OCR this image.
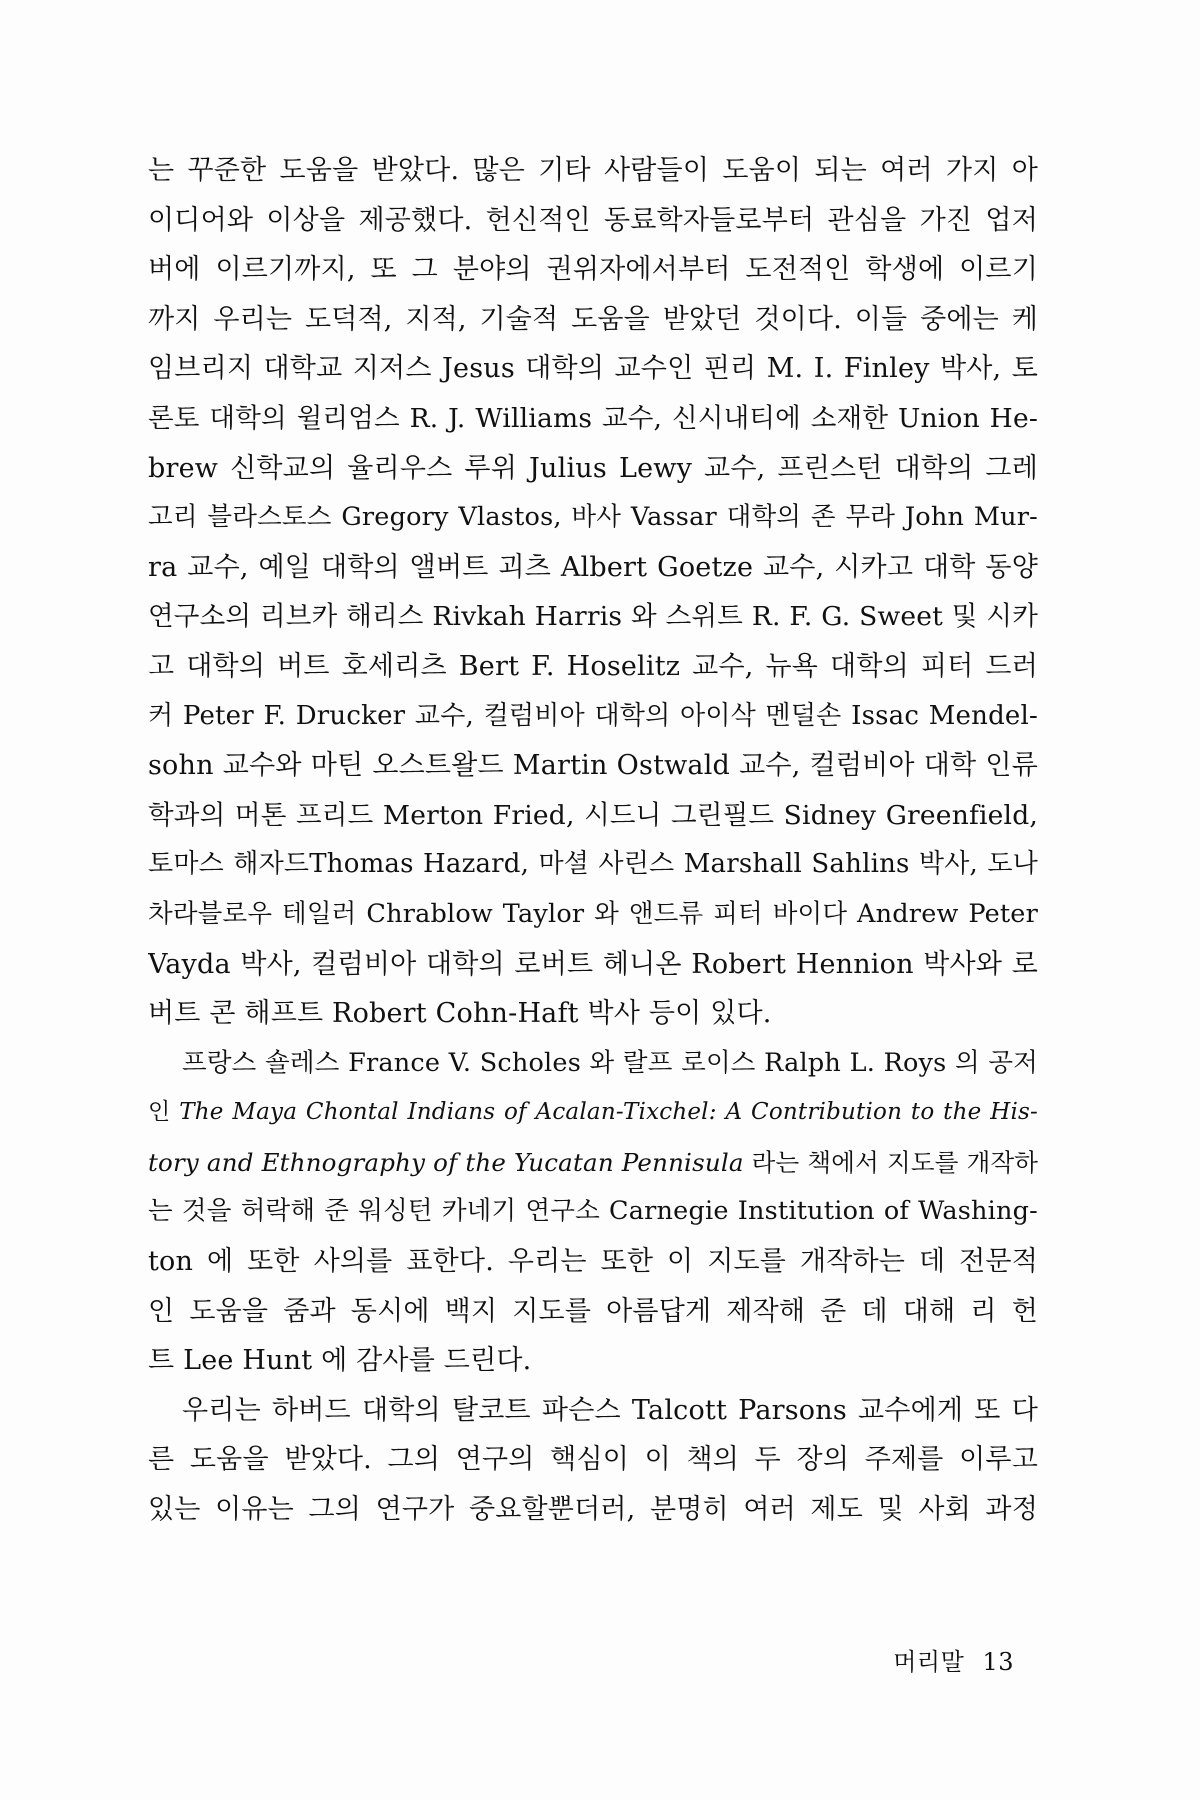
는 꾸준한 도움을 받았다. 많은 기타 사람들이 도움이 되는 여러 가지 아
이디어와 이상을 제공했다. 헌신적인 동료학자들로부터 관심을 가진 업저
버에 이르기까지, 또 그 분야의 권위자에서부터 도전적인 학생에 이르기
까지 우리는 도덕적, 지적, 기술적 도움을 받았던 것이다. 이들 중에는 케
임브리지 대학교 지저스 Jesus 대학의 교수인 핀리 M. I. Finley 박사, 토
론토 대학의 윌리엄스 R. J. Williams 교수, 신시내티에 소재한 Union He-
brew 신학교의 율리우스 루위 Julius Lewy 교수, 프린스턴 대학의 그레
고리 블라스토스 Gregory Vlastos, 바사 Vassar 대학의 존 무라 John Mur-
ra 교수, 예일 대학의 앨버트 괴츠 Albert Goetze 교수, 시카고 대학 동양
연구소의 리브카 해리스 Rivkah Harris 와 스위트 R. F. G. Sweet 및 시카
고 대학의 버트 호세리츠 Bert F. Hoselitz 교수, 뉴욕 대학의 피터 드러
커 Peter F. Drucker 교수, 컬럼비아 대학의 아이삭 멘덜손 Issac Mendel-
sohn 교수와 마틴 오스트왈드 Martin Ostwald 교수, 컬럼비아 대학 인류
학과의 머톤 프리드 Merton Fried, 시드니 그린필드 Sidney Greenfield,
토마스 해자드Thomas Hazard, 마셜 사린스 Marshall Sahlins 박사, 도나
차라블로우 테일러 Chrablow Taylor 와 앤드류 피터 바이다 Andrew Peter
Vayda 박사, 컬럼비아 대학의 로버트 헤니온 Robert Hennion 박사와 로
버트 콘 해프트 Robert Cohn-Haft 박사 등이 있다.
프랑스 숄레스 France V. Scholes 와 랄프 로이스 Ralph L. Roys 의 공저
인 The Maya Chontal Indians of Acalan-Tixchel: A Contribution to the His-
tory and Ethnography of the Yucatan Pennisula 라는 책에서 지도를 개작하
는 것을 허락해 준 워싱턴 카네기 연구소 Carnegie Institution of Washing-
ton 에 또한 사의를 표한다. 우리는 또한 이 지도를 개작하는 데 전문적
인 도움을 줌과 동시에 백지 지도를 아름답게 제작해 준 데 대해 리 헌
트 Lee Hunt 에 감사를 드린다.
우리는 하버드 대학의 탈코트 파슨스 Talcott Parsons 교수에게 또 다
른 도움을 받았다. 그의 연구의 핵심이 이 책의 두 장의 주제를 이루고
있는 이유는 그의 연구가 중요할뿐더러, 분명히 여러 제도 및 사회 과정
머리말 13
